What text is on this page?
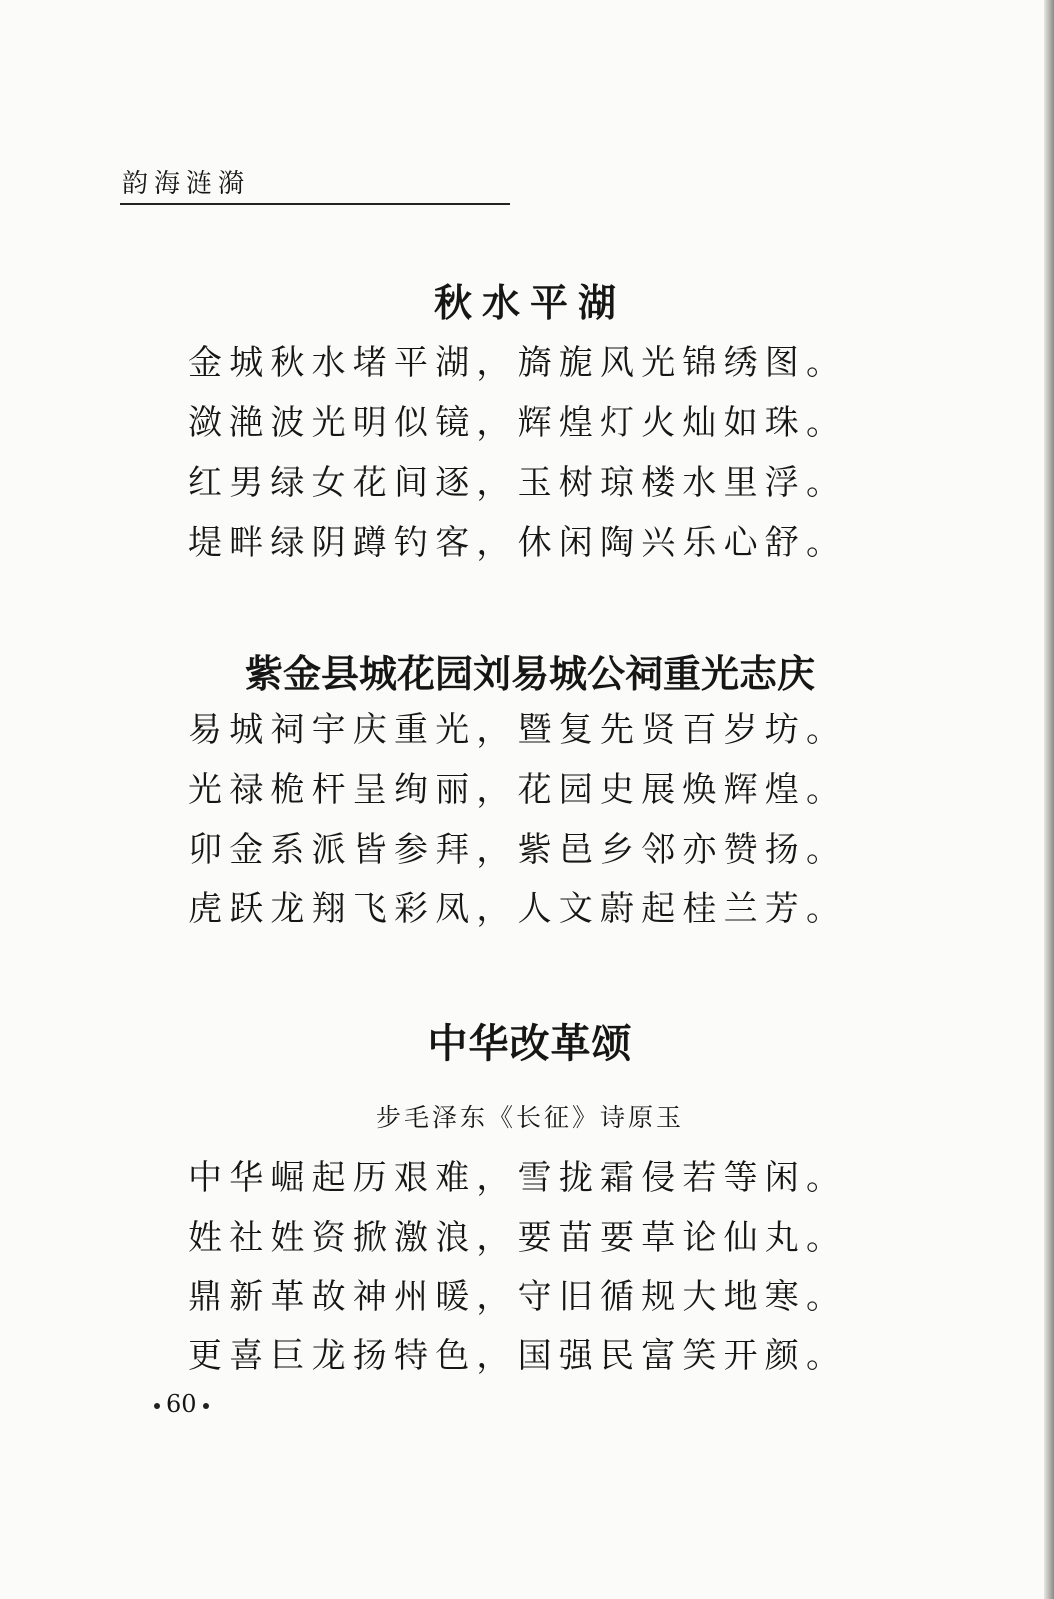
韵海涟漪
秋水平湖
金城秋水堵平湖，旖旎风光锦绣图。
潋滟波光明似镜，辉煌灯火灿如珠。
红男绿女花间逐，玉树琼楼水里浮。
堤畔绿阴蹲钓客，休闲陶兴乐心舒。
紫金县城花园刘易城公祠重光志庆
易城祠宇庆重光，暨复先贤百岁坊。
光禄桅杆呈绚丽，花园史展焕辉煌。
卯金系派皆参拜，紫邑乡邻亦赞扬。
虎跃龙翔飞彩凤，人文蔚起桂兰芳。
中华改革颂
步毛泽东《长征》诗原玉
中华崛起历艰难，雪拢霜侵若等闲。
姓社姓资掀激浪，要苗要草论仙丸。
鼎新革故神州暖，守旧循规大地寒。
更喜巨龙扬特色，国强民富笑开颜。
60
